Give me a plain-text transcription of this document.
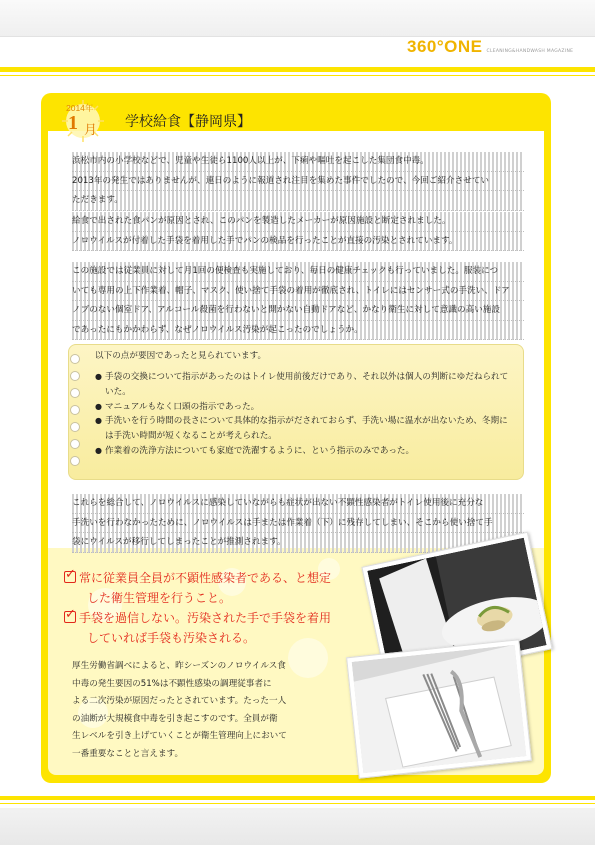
360°ONE CLEANING&HANDWASH MAGAZINE
2014年
1 月
学校給食【静岡県】
浜松市内の小学校などで、児童や生徒ら1100人以上が、下痢や嘔吐を起こした集団食中毒。
2013年の発生ではありませんが、連日のように報道され注目を集めた事件でしたので、今回ご紹介させてい
ただきます。
給食で出された食パンが原因とされ、このパンを製造したメーカーが原因施設と断定されました。
ノロウイルスが付着した手袋を着用した手でパンの検品を行ったことが直接の汚染とされています。
この施設では従業員に対して月1回の便検査も実施しており、毎日の健康チェックも行っていました。服装につ
いても専用の上下作業着、帽子、マスク、使い捨て手袋の着用が徹底され、トイレにはセンサー式の手洗い、ドア
ノブのない個室ドア、アルコール殺菌を行わないと開かない自動ドアなど、かなり衛生に対して意識の高い施設
であったにもかかわらず、なぜノロウイルス汚染が起こったのでしょうか。
以下の点が要因であったと見られています。
● 手袋の交換について指示があったのはトイレ使用前後だけであり、それ以外は個人の判断にゆだねられていた。
● マニュアルもなく口頭の指示であった。
● 手洗いを行う時間の長さについて具体的な指示がだされておらず、手洗い場に温水が出ないため、冬期には手洗い時間が短くなることが考えられた。
● 作業着の洗浄方法についても家庭で洗濯するように、という指示のみであった。
これらを総合して、ノロウイルスに感染していながらも症状が出ない不顕性感染者がトイレ使用後に充分な
手洗いを行わなかったために、ノロウイルスは手または作業着（下）に残存してしまい、そこから使い捨て手
袋にウイルスが移行してしまったことが推測されます。
✓ 常に従業員全員が不顕性感染者である、と想定
した衛生管理を行うこと。
✓ 手袋を過信しない。汚染された手で手袋を着用
していれば手袋も汚染される。
厚生労働省調べによると、昨シーズンのノロウイルス食
中毒の発生要因の51%は不顕性感染の調理従事者に
よる二次汚染が原因だったとされています。たった一人
の油断が大規模食中毒を引き起こすのです。全員が衛
生レベルを引き上げていくことが衛生管理向上において
一番重要なことと言えます。
